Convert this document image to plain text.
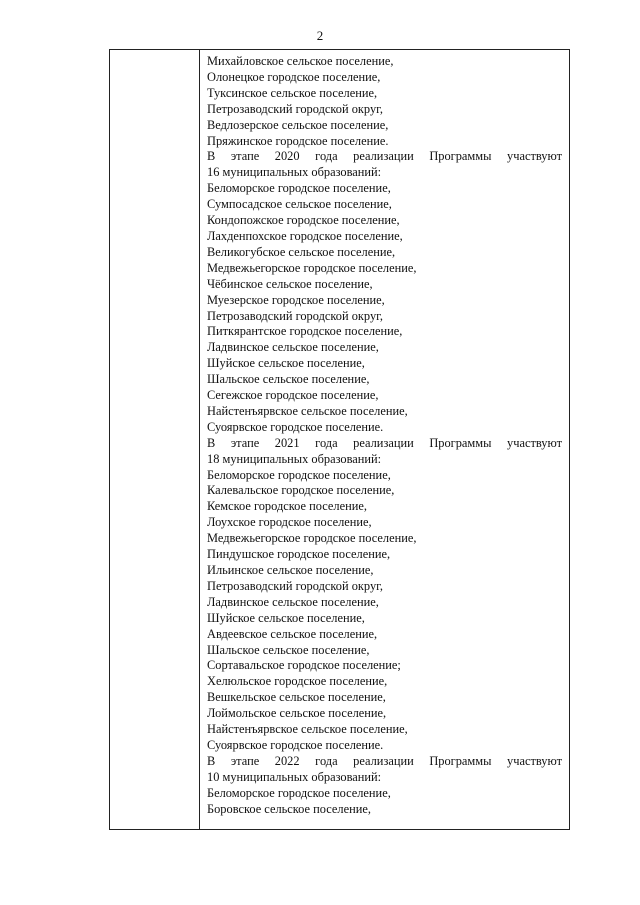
2
Михайловское сельское поселение,
Олонецкое городское поселение,
Туксинское сельское поселение,
Петрозаводский городской округ,
Ведлозерское сельское поселение,
Пряжинское городское поселение.
В этапе 2020 года реализации Программы участвуют
16 муниципальных образований:
Беломорское городское поселение,
Сумпосадское сельское поселение,
Кондопожское городское поселение,
Лахденпохское городское поселение,
Великогубское сельское поселение,
Медвежьегорское городское поселение,
Чёбинское сельское поселение,
Муезерское городское поселение,
Петрозаводский городской округ,
Питкярантское городское поселение,
Ладвинское сельское поселение,
Шуйское сельское поселение,
Шальское сельское поселение,
Сегежское городское поселение,
Найстенъярвское сельское поселение,
Суоярвское городское поселение.
В этапе 2021 года реализации Программы участвуют
18 муниципальных образований:
Беломорское городское поселение,
Калевальское городское поселение,
Кемское городское поселение,
Лоухское городское поселение,
Медвежьегорское городское поселение,
Пиндушское городское поселение,
Ильинское сельское поселение,
Петрозаводский городской округ,
Ладвинское сельское поселение,
Шуйское сельское поселение,
Авдеевское сельское поселение,
Шальское сельское поселение,
Сортавальское городское поселение;
Хелюльское городское поселение,
Вешкельское сельское поселение,
Лоймольское сельское поселение,
Найстенъярвское сельское поселение,
Суоярвское городское поселение.
В этапе 2022 года реализации Программы участвуют
10 муниципальных образований:
Беломорское городское поселение,
Боровское сельское поселение,
